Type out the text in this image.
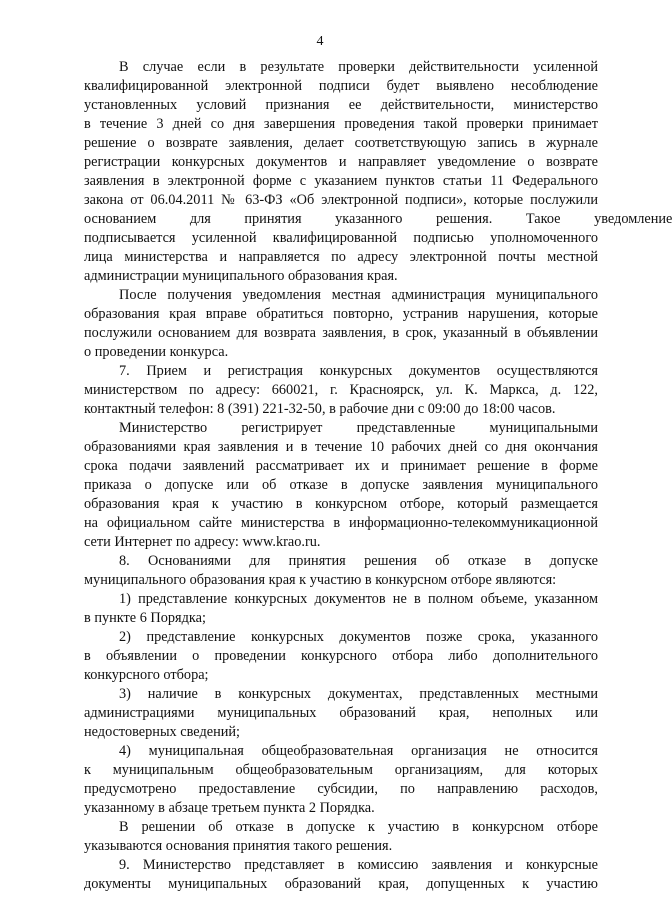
4
В случае если в результате проверки действительности усиленной
квалифицированной электронной подписи будет выявлено несоблюдение
установленных условий признания ее действительности, министерство
в течение 3 дней со дня завершения проведения такой проверки принимает
решение о возврате заявления, делает соответствующую запись в журнале
регистрации конкурсных документов и направляет уведомление о возврате
заявления в электронной форме с указанием пунктов статьи 11 Федерального
закона от 06.04.2011 № 63-ФЗ «Об электронной подписи», которые послужили
основанием для принятия указанного решения. Такое уведомление
подписывается усиленной квалифицированной подписью уполномоченного
лица министерства и направляется по адресу электронной почты местной
администрации муниципального образования края.
После получения уведомления местная администрация муниципального
образования края вправе обратиться повторно, устранив нарушения, которые
послужили основанием для возврата заявления, в срок, указанный в объявлении
о проведении конкурса.
7. Прием и регистрация конкурсных документов осуществляются
министерством по адресу: 660021, г. Красноярск, ул. К. Маркса, д. 122,
контактный телефон: 8 (391) 221-32-50, в рабочие дни с 09:00 до 18:00 часов.
Министерство регистрирует представленные муниципальными
образованиями края заявления и в течение 10 рабочих дней со дня окончания
срока подачи заявлений рассматривает их и принимает решение в форме
приказа о допуске или об отказе в допуске заявления муниципального
образования края к участию в конкурсном отборе, который размещается
на официальном сайте министерства в информационно-телекоммуникационной
сети Интернет по адресу: www.krao.ru.
8. Основаниями для принятия решения об отказе в допуске
муниципального образования края к участию в конкурсном отборе являются:
1) представление конкурсных документов не в полном объеме, указанном
в пункте 6 Порядка;
2) представление конкурсных документов позже срока, указанного
в объявлении о проведении конкурсного отбора либо дополнительного
конкурсного отбора;
3) наличие в конкурсных документах, представленных местными
администрациями муниципальных образований края, неполных или
недостоверных сведений;
4) муниципальная общеобразовательная организация не относится
к муниципальным общеобразовательным организациям, для которых
предусмотрено предоставление субсидии, по направлению расходов,
указанному в абзаце третьем пункта 2 Порядка.
В решении об отказе в допуске к участию в конкурсном отборе
указываются основания принятия такого решения.
9. Министерство представляет в комиссию заявления и конкурсные
документы муниципальных образований края, допущенных к участию
